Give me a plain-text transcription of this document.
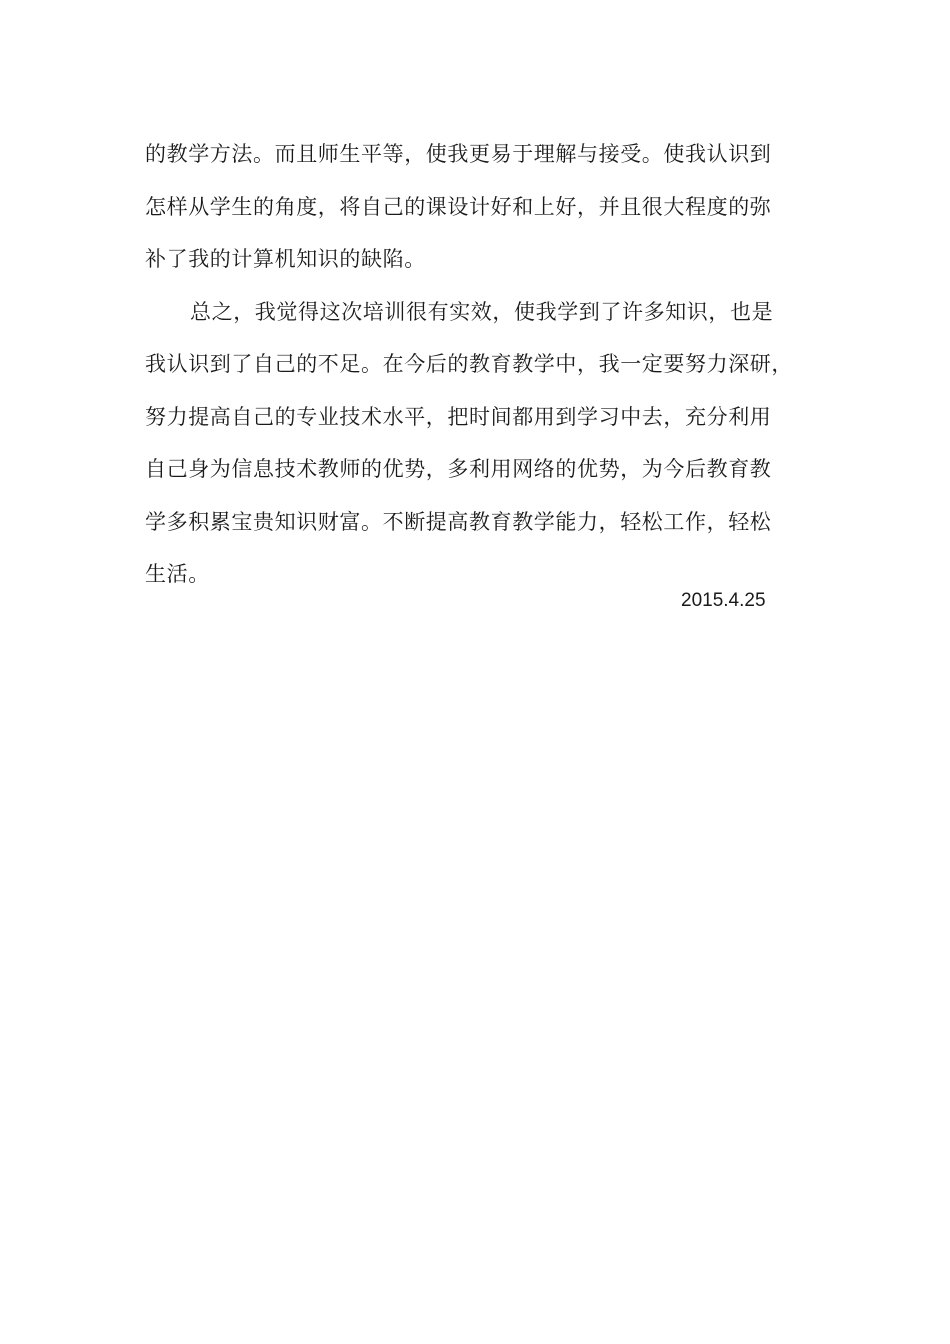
的教学方法。而且师生平等，使我更易于理解与接受。使我认识到
怎样从学生的角度，将自己的课设计好和上好，并且很大程度的弥
补了我的计算机知识的缺陷。
总之，我觉得这次培训很有实效，使我学到了许多知识，也是
我认识到了自己的不足。在今后的教育教学中，我一定要努力深研，
努力提高自己的专业技术水平，把时间都用到学习中去，充分利用
自己身为信息技术教师的优势，多利用网络的优势，为今后教育教
学多积累宝贵知识财富。不断提高教育教学能力，轻松工作，轻松
生活。
2015.4.25
